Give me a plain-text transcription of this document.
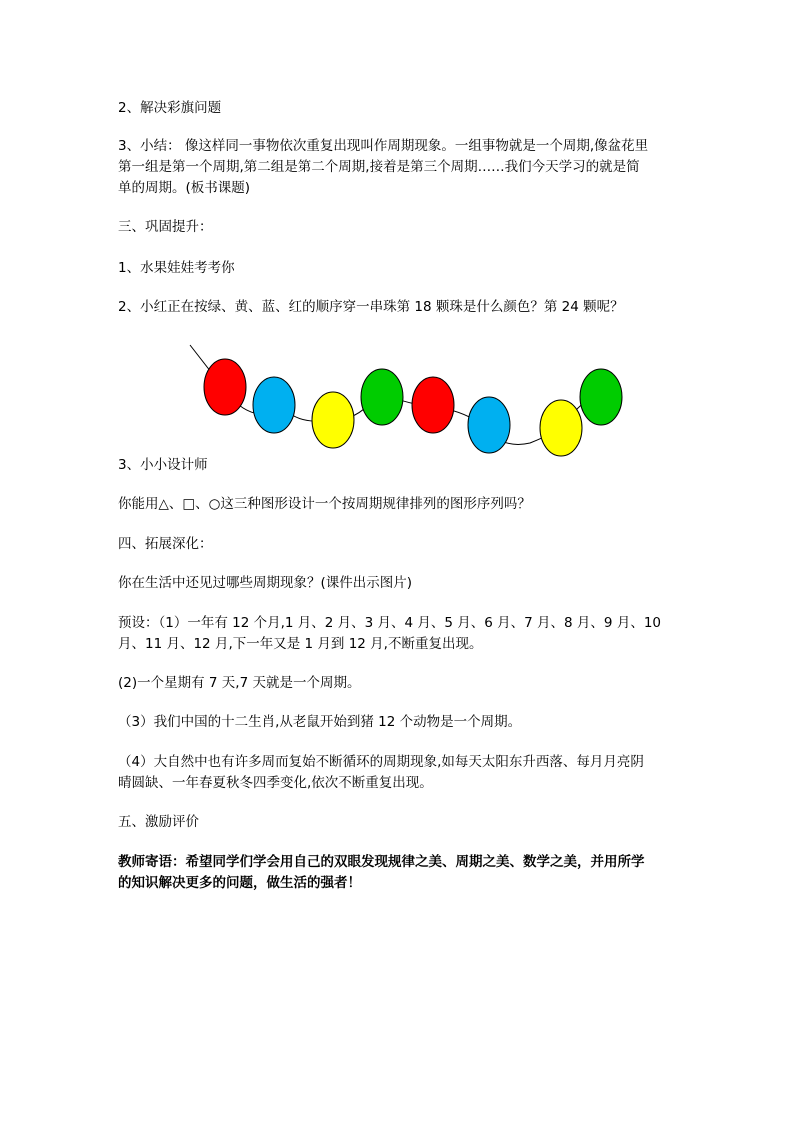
2、解决彩旗问题
3、小结： 像这样同一事物依次重复出现叫作周期现象。一组事物就是一个周期,像盆花里
第一组是第一个周期,第二组是第二个周期,接着是第三个周期……我们今天学习的就是简
单的周期。(板书课题)
三、巩固提升：
1、水果娃娃考考你
2、小红正在按绿、黄、蓝、红的顺序穿一串珠第 18 颗珠是什么颜色？第 24 颗呢？
3、小小设计师
你能用△、□、○这三种图形设计一个按周期规律排列的图形序列吗？
四、拓展深化：
你在生活中还见过哪些周期现象？(课件出示图片)
预设：（1）一年有 12 个月,1 月、2 月、3 月、4 月、5 月、6 月、7 月、8 月、9 月、10
月、11 月、12 月,下一年又是 1 月到 12 月,不断重复出现。
(2)一个星期有 7 天,7 天就是一个周期。
（3）我们中国的十二生肖,从老鼠开始到猪 12 个动物是一个周期。
（4）大自然中也有许多周而复始不断循环的周期现象,如每天太阳东升西落、每月月亮阴
晴圆缺、一年春夏秋冬四季变化,依次不断重复出现。
五、激励评价
教师寄语：希望同学们学会用自己的双眼发现规律之美、周期之美、数学之美，并用所学
的知识解决更多的问题，做生活的强者！
